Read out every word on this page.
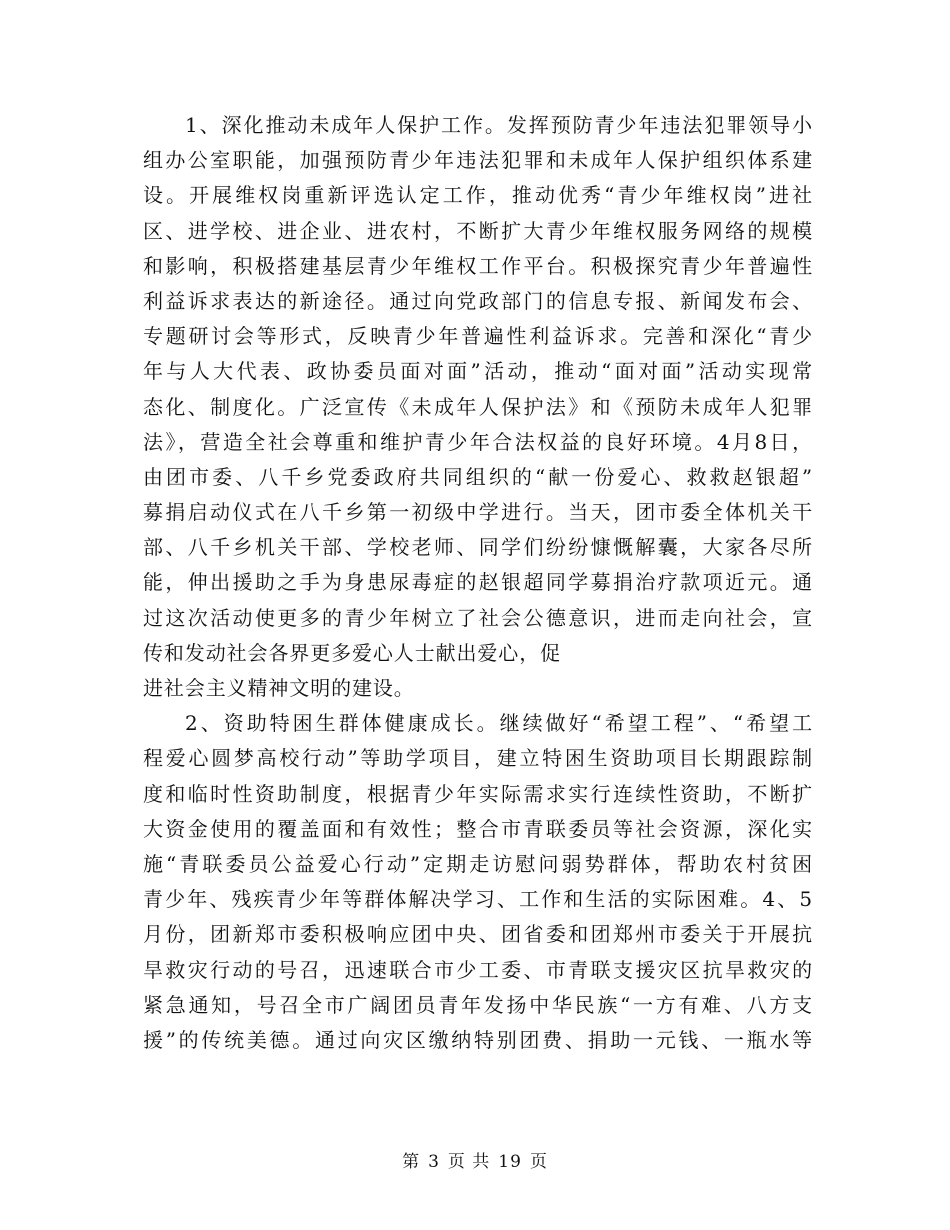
1、深化推动未成年人保护工作。发挥预防青少年违法犯罪领导小
组办公室职能，加强预防青少年违法犯罪和未成年人保护组织体系建
设。开展维权岗重新评选认定工作，推动优秀“青少年维权岗”进社
区、进学校、进企业、进农村，不断扩大青少年维权服务网络的规模
和影响，积极搭建基层青少年维权工作平台。积极探究青少年普遍性
利益诉求表达的新途径。通过向党政部门的信息专报、新闻发布会、
专题研讨会等形式，反映青少年普遍性利益诉求。完善和深化“青少
年与人大代表、政协委员面对面”活动，推动“面对面”活动实现常
态化、制度化。广泛宣传《未成年人保护法》和《预防未成年人犯罪
法》，营造全社会尊重和维护青少年合法权益的良好环境。4月8日，
由团市委、八千乡党委政府共同组织的“献一份爱心、救救赵银超”
募捐启动仪式在八千乡第一初级中学进行。当天，团市委全体机关干
部、八千乡机关干部、学校老师、同学们纷纷慷慨解囊，大家各尽所
能，伸出援助之手为身患尿毒症的赵银超同学募捐治疗款项近元。通
过这次活动使更多的青少年树立了社会公德意识，进而走向社会，宣
传和发动社会各界更多爱心人士献出爱心，促
进社会主义精神文明的建设。
2、资助特困生群体健康成长。继续做好“希望工程”、“希望工
程爱心圆梦高校行动”等助学项目，建立特困生资助项目长期跟踪制
度和临时性资助制度，根据青少年实际需求实行连续性资助，不断扩
大资金使用的覆盖面和有效性；整合市青联委员等社会资源，深化实
施“青联委员公益爱心行动”定期走访慰问弱势群体，帮助农村贫困
青少年、残疾青少年等群体解决学习、工作和生活的实际困难。4、5
月份，团新郑市委积极响应团中央、团省委和团郑州市委关于开展抗
旱救灾行动的号召，迅速联合市少工委、市青联支援灾区抗旱救灾的
紧急通知，号召全市广阔团员青年发扬中华民族“一方有难、八方支
援”的传统美德。通过向灾区缴纳特别团费、捐助一元钱、一瓶水等
第 3 页 共 19 页
